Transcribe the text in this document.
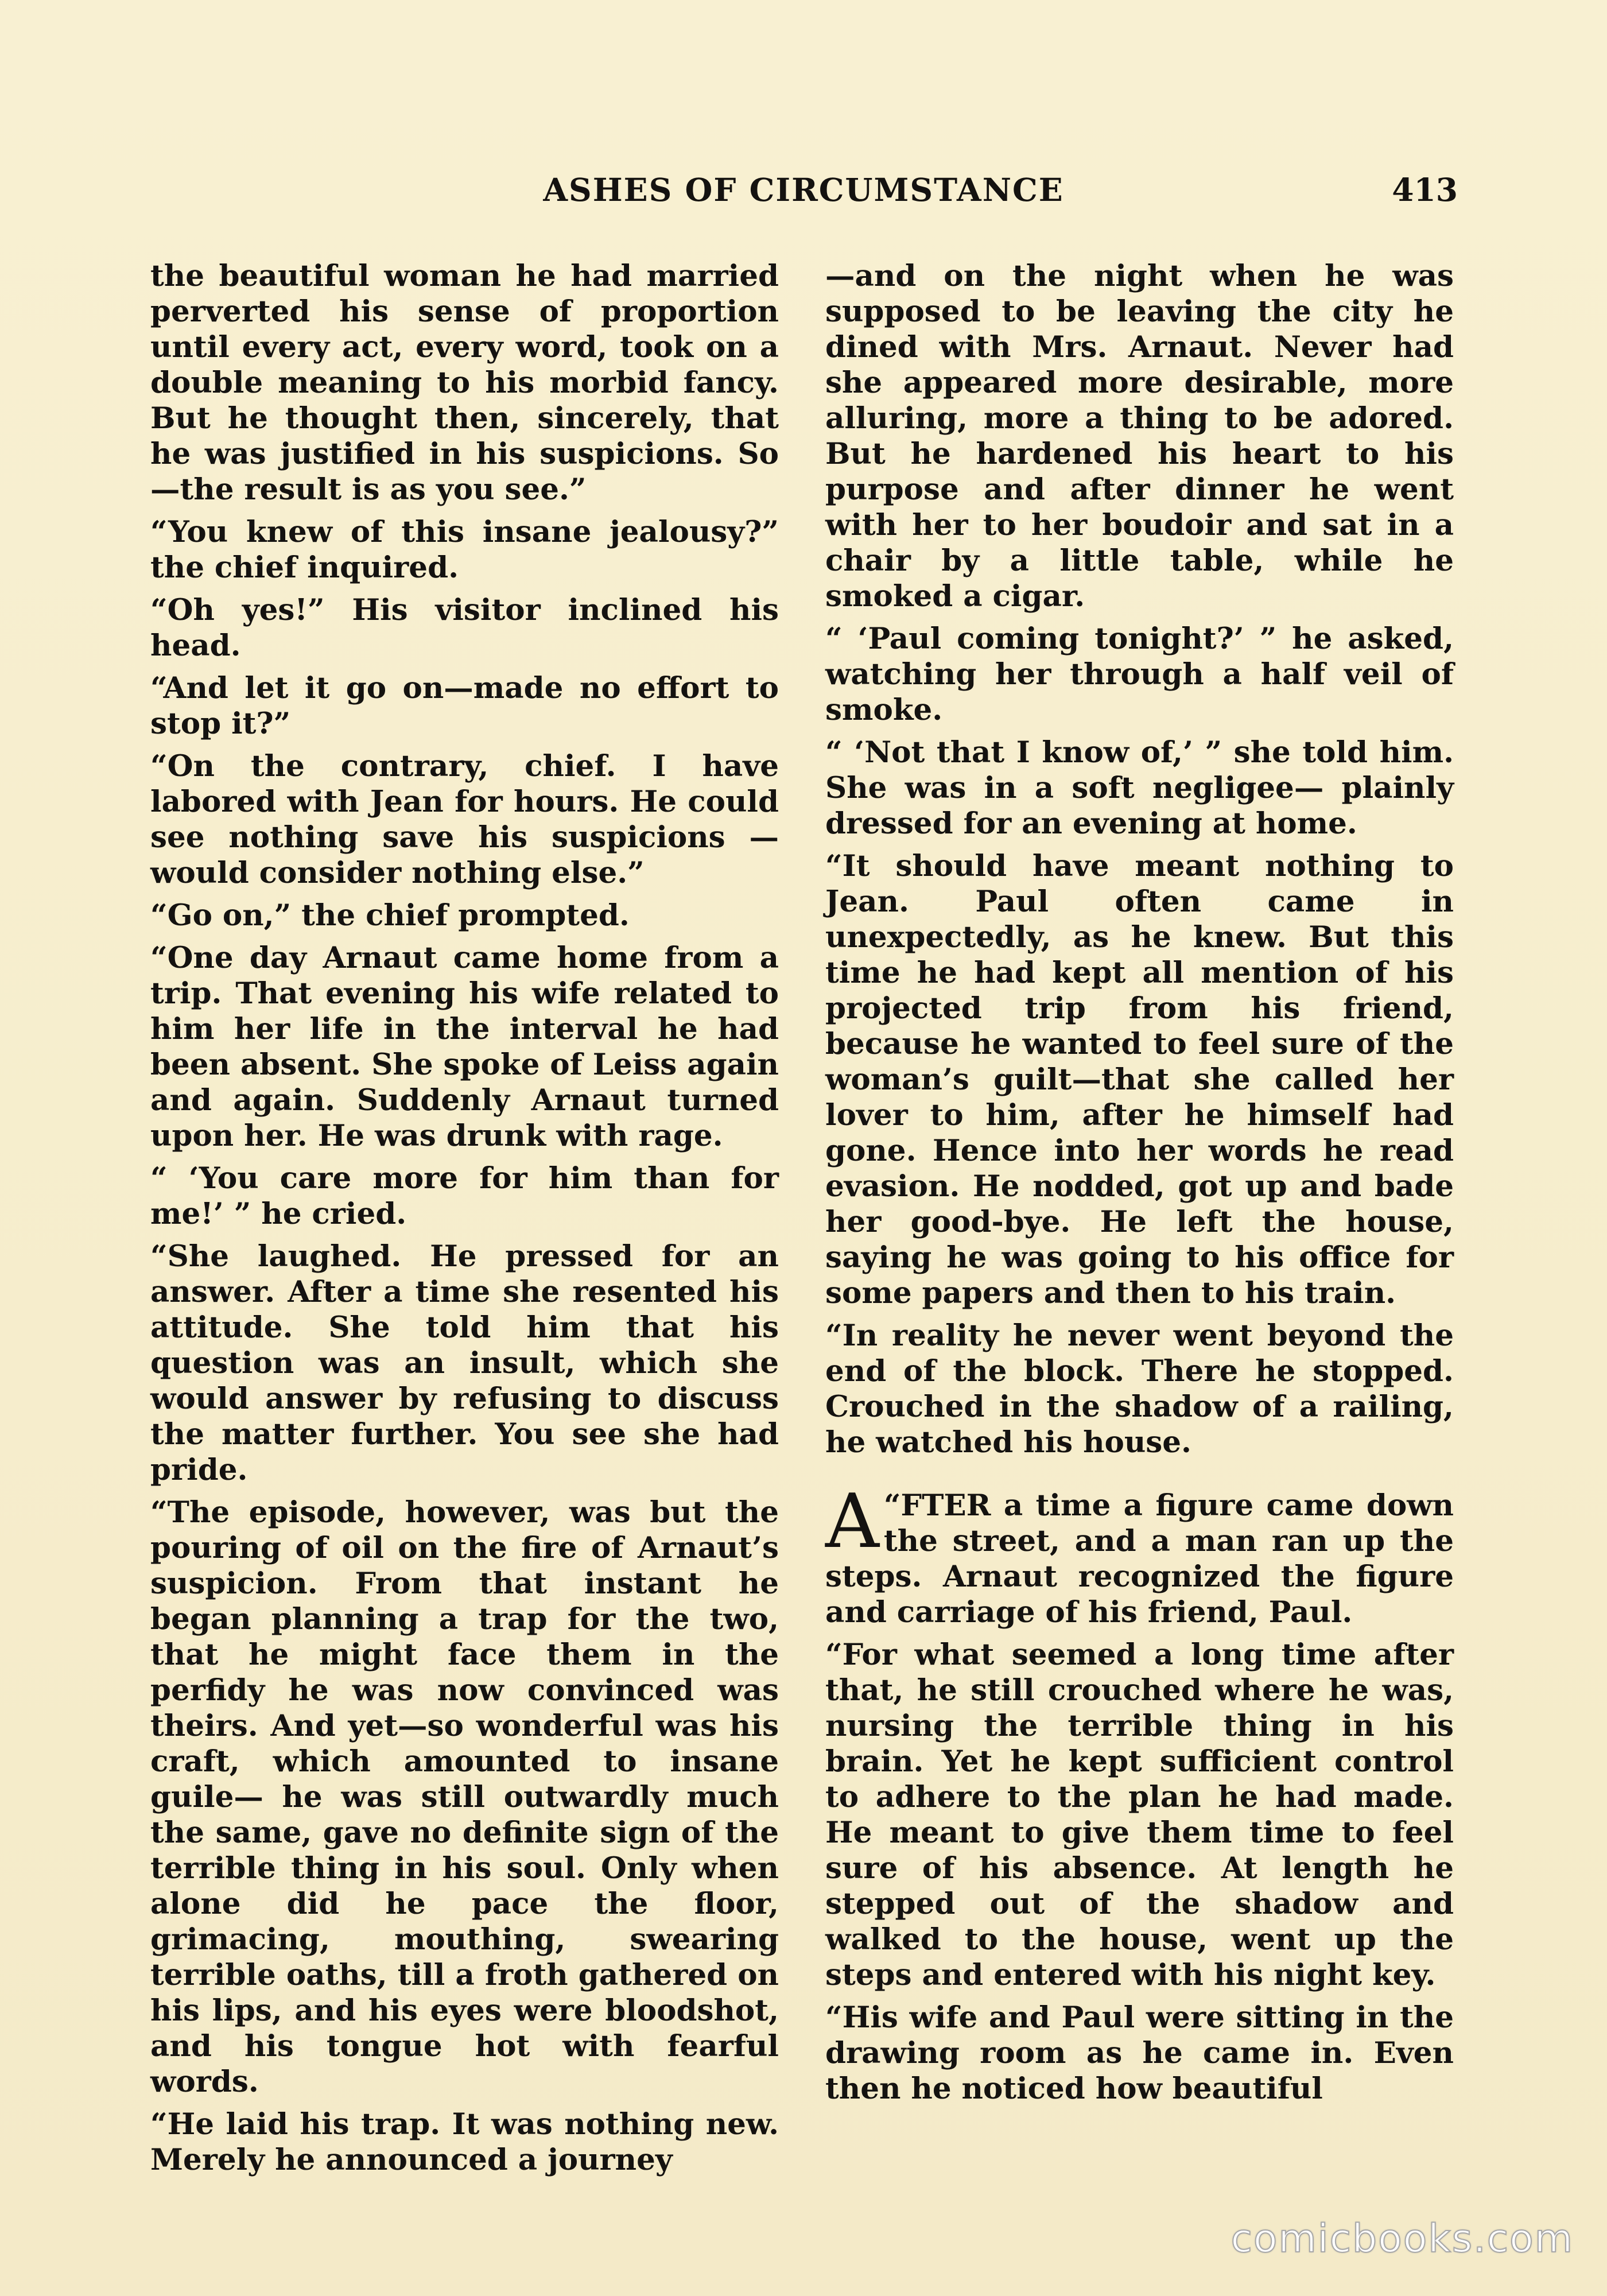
ASHES OF CIRCUMSTANCE	413

the beautiful woman he had married perverted his sense of proportion until every act, every word, took on a double meaning to his morbid fancy. But he thought then, sincerely, that he was justified in his suspicions. So —the result is as you see.”

“You knew of this insane jealousy?” the chief inquired.

“Oh yes!” His visitor inclined his head.

“And let it go on—made no effort to stop it?”

“On the contrary, chief. I have labored with Jean for hours. He could see nothing save his suspicions —would consider nothing else.”

“Go on,” the chief prompted.

“One day Arnaut came home from a trip. That evening his wife related to him her life in the interval he had been absent. She spoke of Leiss again and again. Suddenly Arnaut turned upon her. He was drunk with rage.

“ ‘You care more for him than for me!’ ” he cried.

“She laughed. He pressed for an answer. After a time she resented his attitude. She told him that his question was an insult, which she would answer by refusing to discuss the matter further. You see she had pride.

“The episode, however, was but the pouring of oil on the fire of Arnaut’s suspicion. From that instant he began planning a trap for the two, that he might face them in the perfidy he was now convinced was theirs. And yet—so wonderful was his craft, which amounted to insane guile— he was still outwardly much the same, gave no definite sign of the terrible thing in his soul. Only when alone did he pace the floor, grimacing, mouthing, swearing terrible oaths, till a froth gathered on his lips, and his eyes were bloodshot, and his tongue hot with fearful words.

“He laid his trap. It was nothing new. Merely he announced a journey

—and on the night when he was supposed to be leaving the city he dined with Mrs. Arnaut. Never had she appeared more desirable, more alluring, more a thing to be adored. But he hardened his heart to his purpose and after dinner he went with her to her boudoir and sat in a chair by a little table, while he smoked a cigar.

“ ‘Paul coming tonight?’ ” he asked, watching her through a half veil of smoke.

“ ‘Not that I know of,’ ” she told him. She was in a soft negligee— plainly dressed for an evening at home.

“It should have meant nothing to Jean. Paul often came in unexpectedly, as he knew. But this time he had kept all mention of his projected trip from his friend, because he wanted to feel sure of the woman’s guilt—that she called her lover to him, after he himself had gone. Hence into her words he read evasion. He nodded, got up and bade her good-bye. He left the house, saying he was going to his office for some papers and then to his train.

“In reality he never went beyond the end of the block. There he stopped. Crouched in the shadow of a railing, he watched his house.

“
A FTER a time a figure came down the street, and a man ran up the steps. Arnaut recognized the figure and carriage of his friend, Paul.

“For what seemed a long time after that, he still crouched where he was, nursing the terrible thing in his brain. Yet he kept sufficient control to adhere to the plan he had made. He meant to give them time to feel sure of his absence. At length he stepped out of the shadow and walked to the house, went up the steps and entered with his night key.

“His wife and Paul were sitting in the drawing room as he came in. Even then he noticed how beautiful

comicbooks.com
